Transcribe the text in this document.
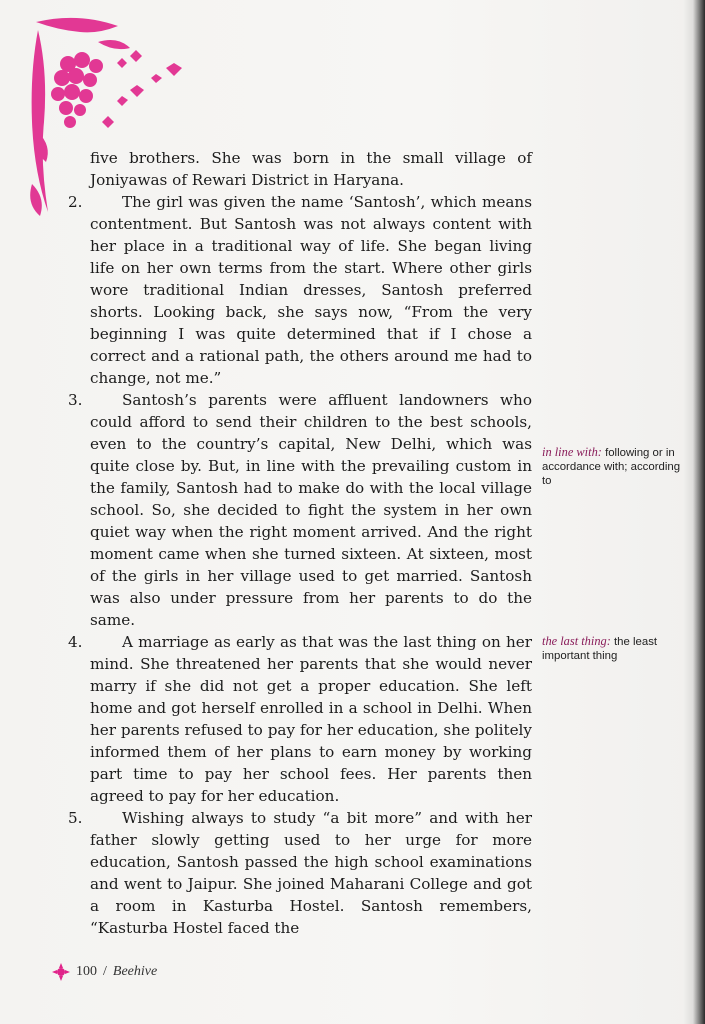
five brothers. She was born in the small village of Joniyawas of Rewari District in Haryana.
2.	The girl was given the name ‘Santosh’, which means contentment. But Santosh was not always content with her place in a traditional way of life. She began living life on her own terms from the start. Where other girls wore traditional Indian dresses, Santosh preferred shorts. Looking back, she says now, “From the very beginning I was quite determined that if I chose a correct and a rational path, the others around me had to change, not me.”
3.	Santosh’s parents were affluent landowners who could afford to send their children to the best schools, even to the country’s capital, New Delhi, which was quite close by. But, in line with the prevailing custom in the family, Santosh had to make do with the local village school. So, she decided to fight the system in her own quiet way when the right moment arrived. And the right moment came when she turned sixteen. At sixteen, most of the girls in her village used to get married. Santosh was also under pressure from her parents to do the same.
4.	A marriage as early as that was the last thing on her mind. She threatened her parents that she would never marry if she did not get a proper education. She left home and got herself enrolled in a school in Delhi. When her parents refused to pay for her education, she politely informed them of her plans to earn money by working part time to pay her school fees. Her parents then agreed to pay for her education.
5.	Wishing always to study “a bit more” and with her father slowly getting used to her urge for more education, Santosh passed the high school examinations and went to Jaipur. She joined Maharani College and got a room in Kasturba Hostel. Santosh remembers, “Kasturba Hostel faced the
in line with: following or in accordance with; according to
the last thing: the least important thing
100 / Beehive
